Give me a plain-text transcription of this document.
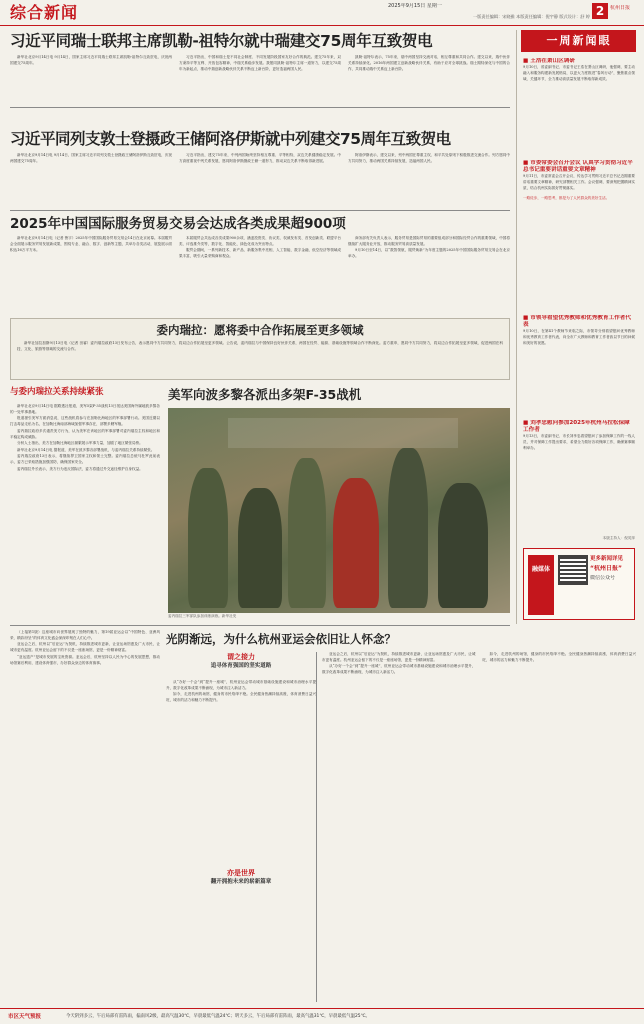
综合新闻	2025年9月15日 星期一
一版责任编辑：宋晓雅 本版责任编辑：倪宇静 版式设计：舒 婷 2	杭州日报
习近平同瑞士联邦主席凯勒-祖特尔就中瑞建交75周年互致贺电

新华社北京9月14日电 9月14日，国家主席习近平同瑞士联邦主席凯勒-祖特尔互致贺电，庆祝两国建交75周年。

习近平指出，中国和瑞士是不同社会制度、不同发展阶段国家友好合作的典范。建交75年来，双方秉持平等互利、开放包容精神，中瑞关系稳步发展。我愿同凯勒-祖特尔主席一道努力，以建交75周年为新起点，推动中瑞创新战略伙伴关系不断迈上新台阶，更好造福两国人民。

凯勒-祖特尔表示，75年来，瑞中两国坚持交流对话，相互尊重和共同合作。建交以来，瑞中伙伴关系持续深化。2016年两国建立创新战略伙伴关系，有助于应对全球挑战。瑞士期待深化与中国的合作，共同推动瑞中关系迈上新台阶。

习近平同列支敦士登摄政王储阿洛伊斯就中列建交75周年互致贺电

新华社北京9月14日电 9月14日，国家主席习近平同列支敦士登摄政王储阿洛伊斯互致贺电，庆祝两国建交75周年。

习近平指出，建交75年来，中列两国始终坚持相互尊重、平等相待，双边关系健康稳定发展。中方高度重视中列关系发展，愿同阿洛伊斯摄政王储一道努力，推动双边关系不断取得新进展。

阿洛伊斯表示，建交以来，列中两国在尊重主权、和平共处原则下积极推进交流合作。列方愿同中方共同努力，推动两国关系持续发展，造福两国人民。

2025年中国国际服务贸易交易会达成各类成果超900项

新华社北京9月14日电（记者 鲁宇）2025年中国国际服务贸易交易会14日在北京闭幕。本届服贸会全面展示服务贸易发展新成果，围绕专业、融合、数字、创新等主题，共举办各类活动，展览展示面积达16万平方米。

本届服贸会共达成各类成果900余项，涵盖投资类、协议类、权威发布类、首发创新类、联盟平台类、评选推介类等，数字化、智能化、绿色化成为突出特点。

服贸会期间，一系列新技术、新产品、新服务集中亮相，人工智能、数字金融、低空经济等领域成果丰富，吸引大量采购商和观众。

商务部有关负责人表示，服务贸易是国际贸易的重要组成部分和国际经贸合作的重要领域，中国将继续扩大服务业开放，推动服务贸易高质量发展。

9月10日至14日，以“数智领航，服贸焕新”为年度主题的2025年中国国际服务贸易交易会在北京举办。

委内瑞拉：愿将委中合作拓展至更多领域

新华社加拉加斯9月13日电（记者 田睿）委内瑞拉政府13日发布公告，表示愿同中方共同努力，将双边合作拓展至更多领域。公告说，委内瑞拉与中国保持良好伙伴关系，两国在经贸、能源、基础设施等领域合作不断深化。委方重申，愿同中方共同努力，将双边合作拓展至更多领域，促进两国在科技、文化、旅游等领域的交流与合作。

与委内瑞拉关系持续紧张

新华社北京9月14日电 据路透社报道，美军5架F-35战机13日抵达美国海外属地波多黎各的一处军事基地。

报道援引美军方面消息说，这些战机将参与在加勒比海地区的军事部署行动。美国近期以打击毒品走私为名，在加勒比海南部海域加强军事存在，部署多艘军舰。

委内瑞拉政府多次谴责美方行为，认为美军在该地区的军事部署对委内瑞拉主权和地区和平稳定构成威胁。

分析人士指出，美方在加勒比海地区频繁展示军事力量，加剧了地区紧张局势。

新华社北京9月14日电 据报道，美军在波多黎各部署战机，与委内瑞拉关系持续紧张。

委内瑞拉政府13日表示，将继续捍卫国家主权和领土完整。委内瑞拉总统马杜罗此前表示，委方已采取措施加强国防，确保国家安全。

委内瑞拉外长表示，美方行为违反国际法，委方将通过外交途径维护自身权益。

美军向波多黎各派出多架F-35战机
委内瑞拉三军部队参加训练演练。新华社发
一周新闻眼
■ 王浩在萧山区调研
9月10日，省委副书记、市委书记王浩在萧山区调研，他强调，要主动融入和服务构建新发展格局，以更大力度推进“春风行动”，聚焦重点领域、关键环节，全力推动高质量发展不断取得新成效。
■ 市委常委会召开会议 认真学习贯彻习近平总书记重要讲话重要文章精神
9月11日，市委常委会召开会议，传达学习贯彻习近平总书记近期重要讲话重要文章精神，研究部署相关工作。会议强调，要深刻把握精神实质，结合杭州实际抓好贯彻落实。
一路徒步，一路思考，都是为了人民群众的美好生活。
■ 市领导看望优秀教师和优秀教育工作者代表
9月10日，在第41个教师节来临之际，市领导分别看望慰问优秀教师和优秀教育工作者代表，向全市广大教师和教育工作者致以节日的问候和美好的祝愿。
■ 刘孝忠慰问参加2025年杭州马拉松保障工作者
9月13日，市委副书记、市长刘孝忠看望慰问了参加保障工作的一线人员，并对保障工作提出要求，希望全力做好各项保障工作，确保赛事顺利举办。
本版主持人：倪英萍
融媒体
更多新闻详见
“杭州日报”
微信公众号

（上接第1版）这座城市向世界展现了独特的魅力，第19届亚运会以“中国特色、亚洲风采、精彩纷呈”的体育文化盛会深深印刻在人们心中。

亚运会之后，杭州以“后亚运”为契机，持续推进城市更新，让亚运场馆惠及广大市民，让城市更有温度。杭州亚运会留下的不仅是一座座场馆，更是一份精神财富。

“亚运遗产”是城市发展的宝贵资源。亚运会后，杭州坚持以人民为中心的发展思想，推动场馆赛后利用，建设体育强市，办好群众身边的体育赛事。

光阴渐远，为什么杭州亚运会依旧让人怀念？
谓之接力
追寻体育强国的坚实道路

从“办好一个会”到“提升一座城”，杭州亚运会带动城市基础设施建设和城市治理水平提升，数字化改革成果不断涌现，为城市注入新活力。

如今，走进杭州的场馆，健身的市民络绎不绝。全民健身热潮持续高涨，体育消费日益兴旺，城市的活力和魅力不断提升。

亦是世界
翻开拥抱未来的崭新篇章

亚运会之后，杭州以“后亚运”为契机，持续推进城市更新，让亚运场馆惠及广大市民，让城市更有温度。杭州亚运会留下的不仅是一座座场馆，更是一份精神财富。

从“办好一个会”到“提升一座城”，杭州亚运会带动城市基础设施建设和城市治理水平提升，数字化改革成果不断涌现，为城市注入新活力。

如今，走进杭州的场馆，健身的市民络绎不绝。全民健身热潮持续高涨，体育消费日益兴旺，城市的活力和魅力不断提升。

市区天气预报	今天阴到多云，午后局部有雷阵雨，偏南风2级，最高气温30℃，早晨最低气温24℃；明天多云，午后局部有雷阵雨，最高气温31℃，早晨最低气温25℃。
